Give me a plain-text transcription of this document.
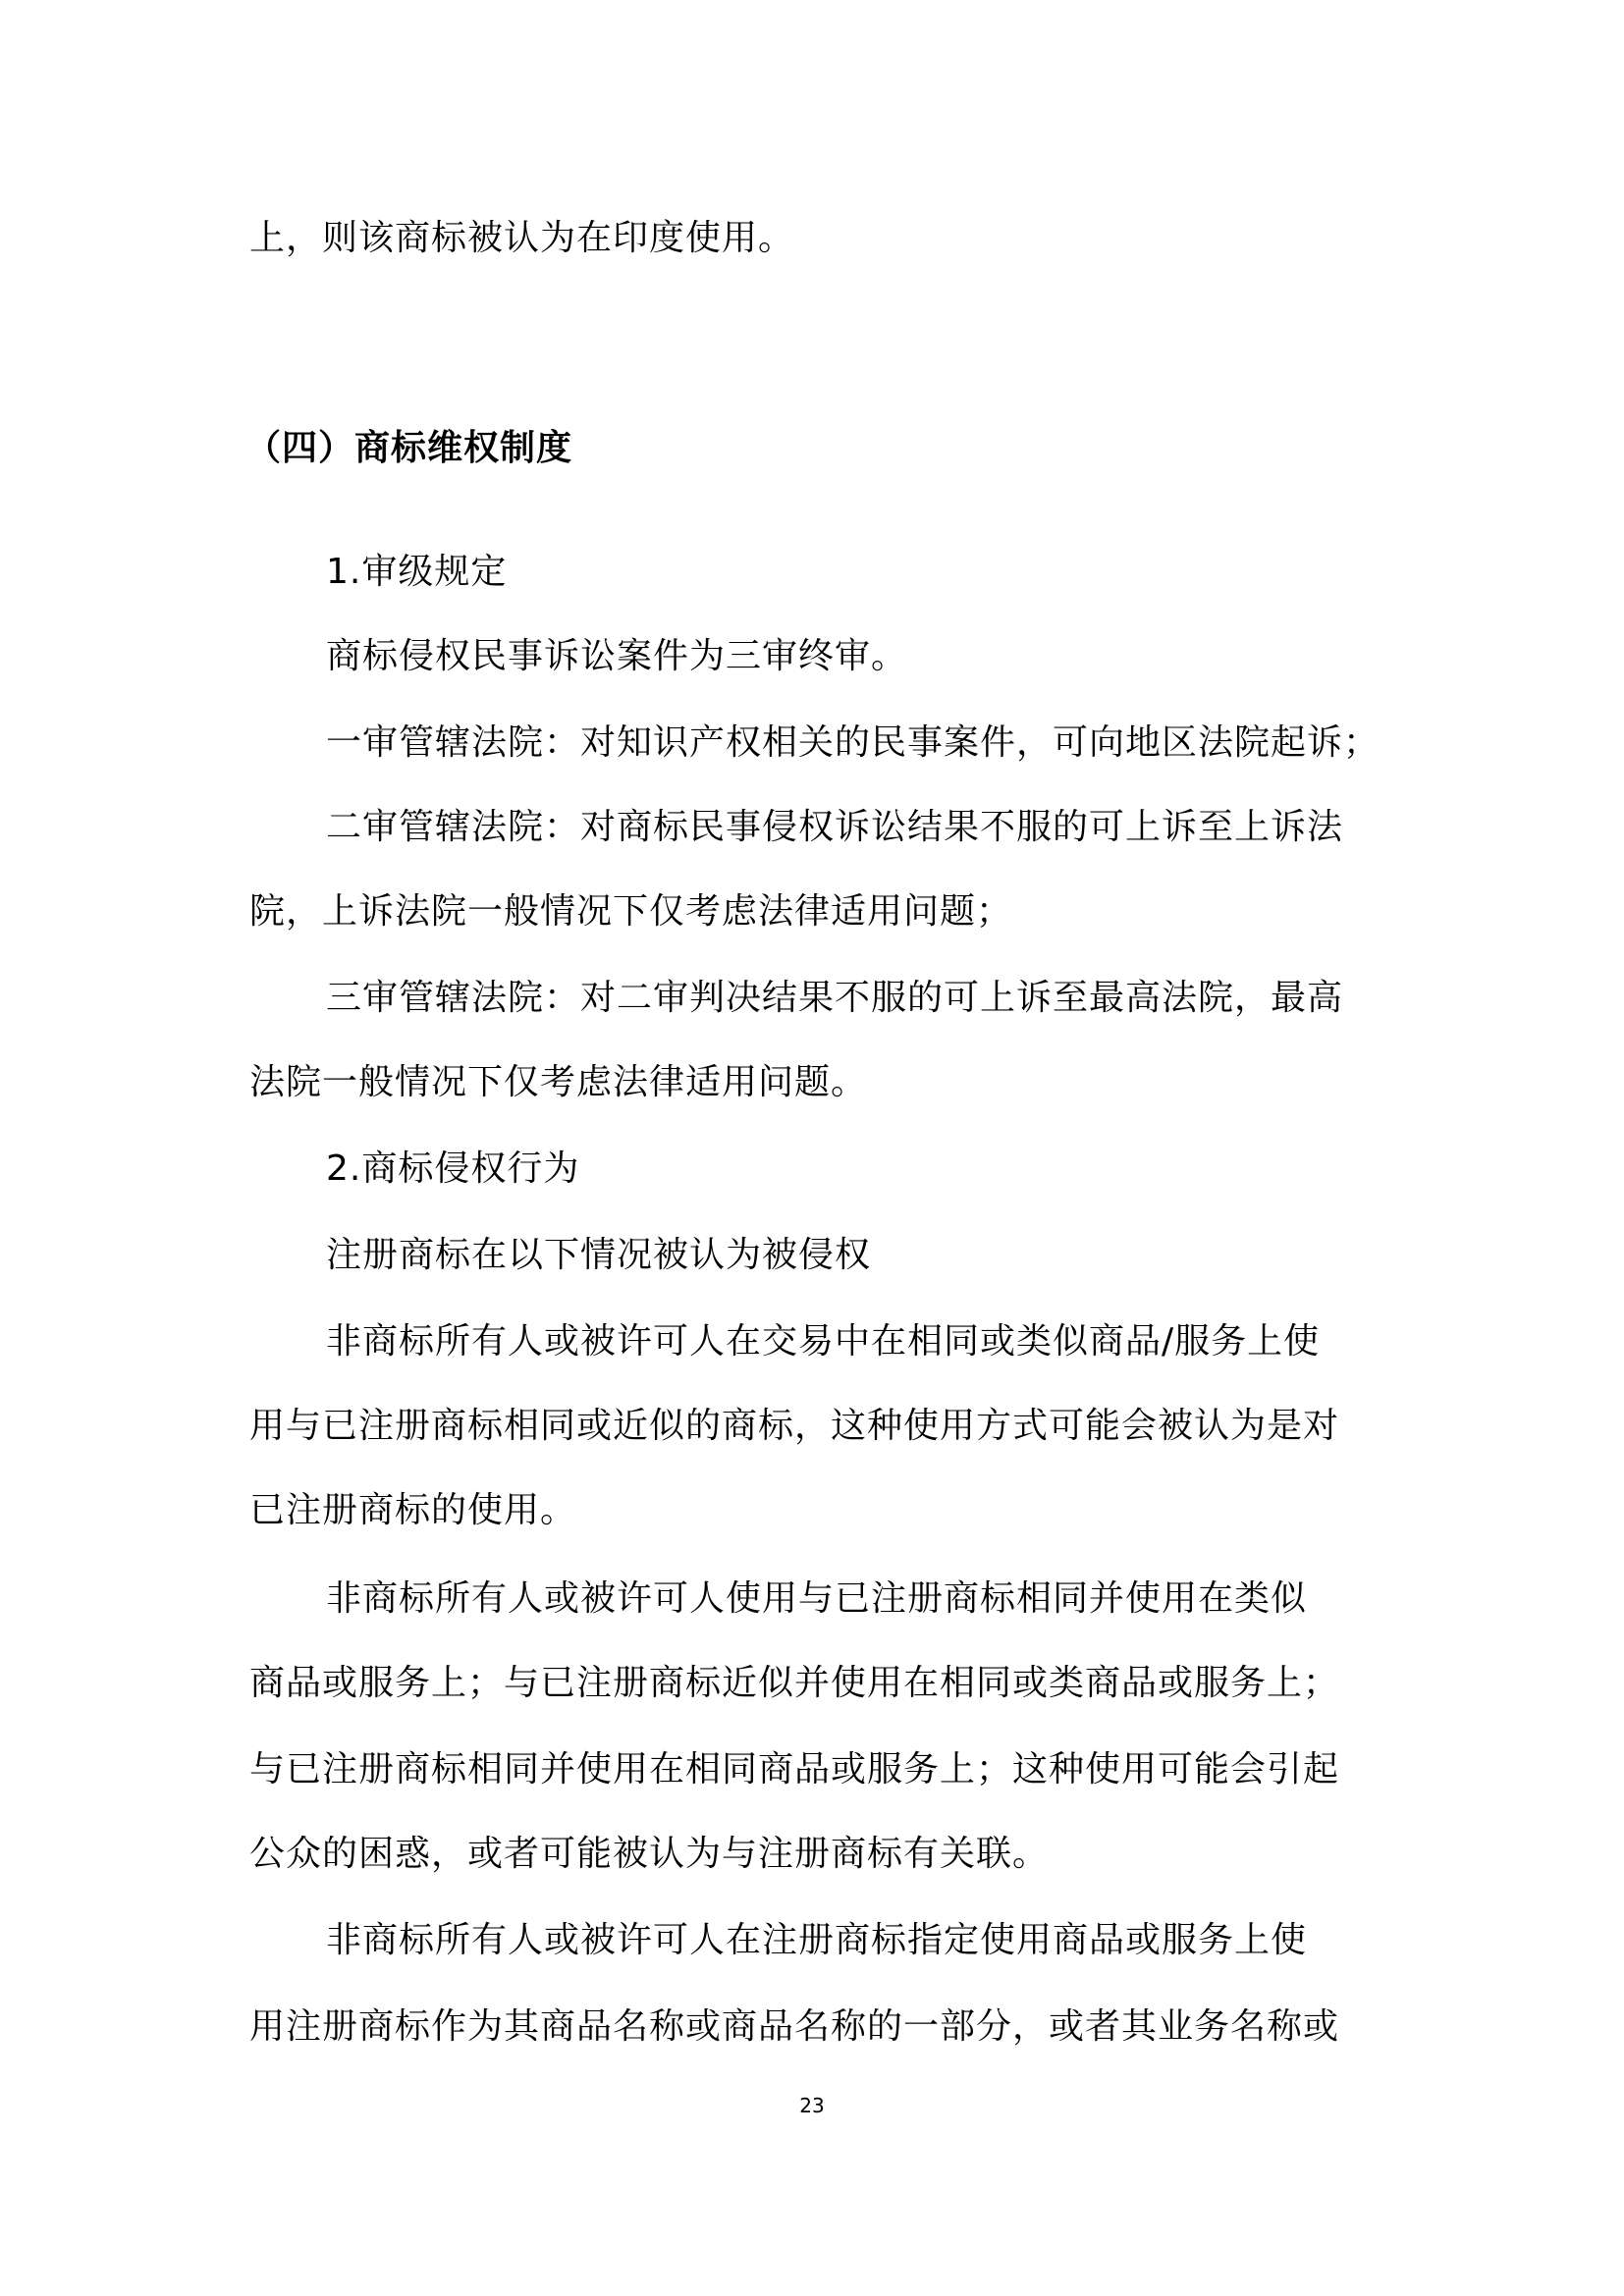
上，则该商标被认为在印度使用。
（四）商标维权制度
1.审级规定
商标侵权民事诉讼案件为三审终审。
一审管辖法院：对知识产权相关的民事案件，可向地区法院起诉；
二审管辖法院：对商标民事侵权诉讼结果不服的可上诉至上诉法
院，上诉法院一般情况下仅考虑法律适用问题；
三审管辖法院：对二审判决结果不服的可上诉至最高法院，最高
法院一般情况下仅考虑法律适用问题。
2.商标侵权行为
注册商标在以下情况被认为被侵权
非商标所有人或被许可人在交易中在相同或类似商品/服务上使
用与已注册商标相同或近似的商标，这种使用方式可能会被认为是对
已注册商标的使用。
非商标所有人或被许可人使用与已注册商标相同并使用在类似
商品或服务上；与已注册商标近似并使用在相同或类商品或服务上；
与已注册商标相同并使用在相同商品或服务上；这种使用可能会引起
公众的困惑，或者可能被认为与注册商标有关联。
非商标所有人或被许可人在注册商标指定使用商品或服务上使
用注册商标作为其商品名称或商品名称的一部分，或者其业务名称或
23
